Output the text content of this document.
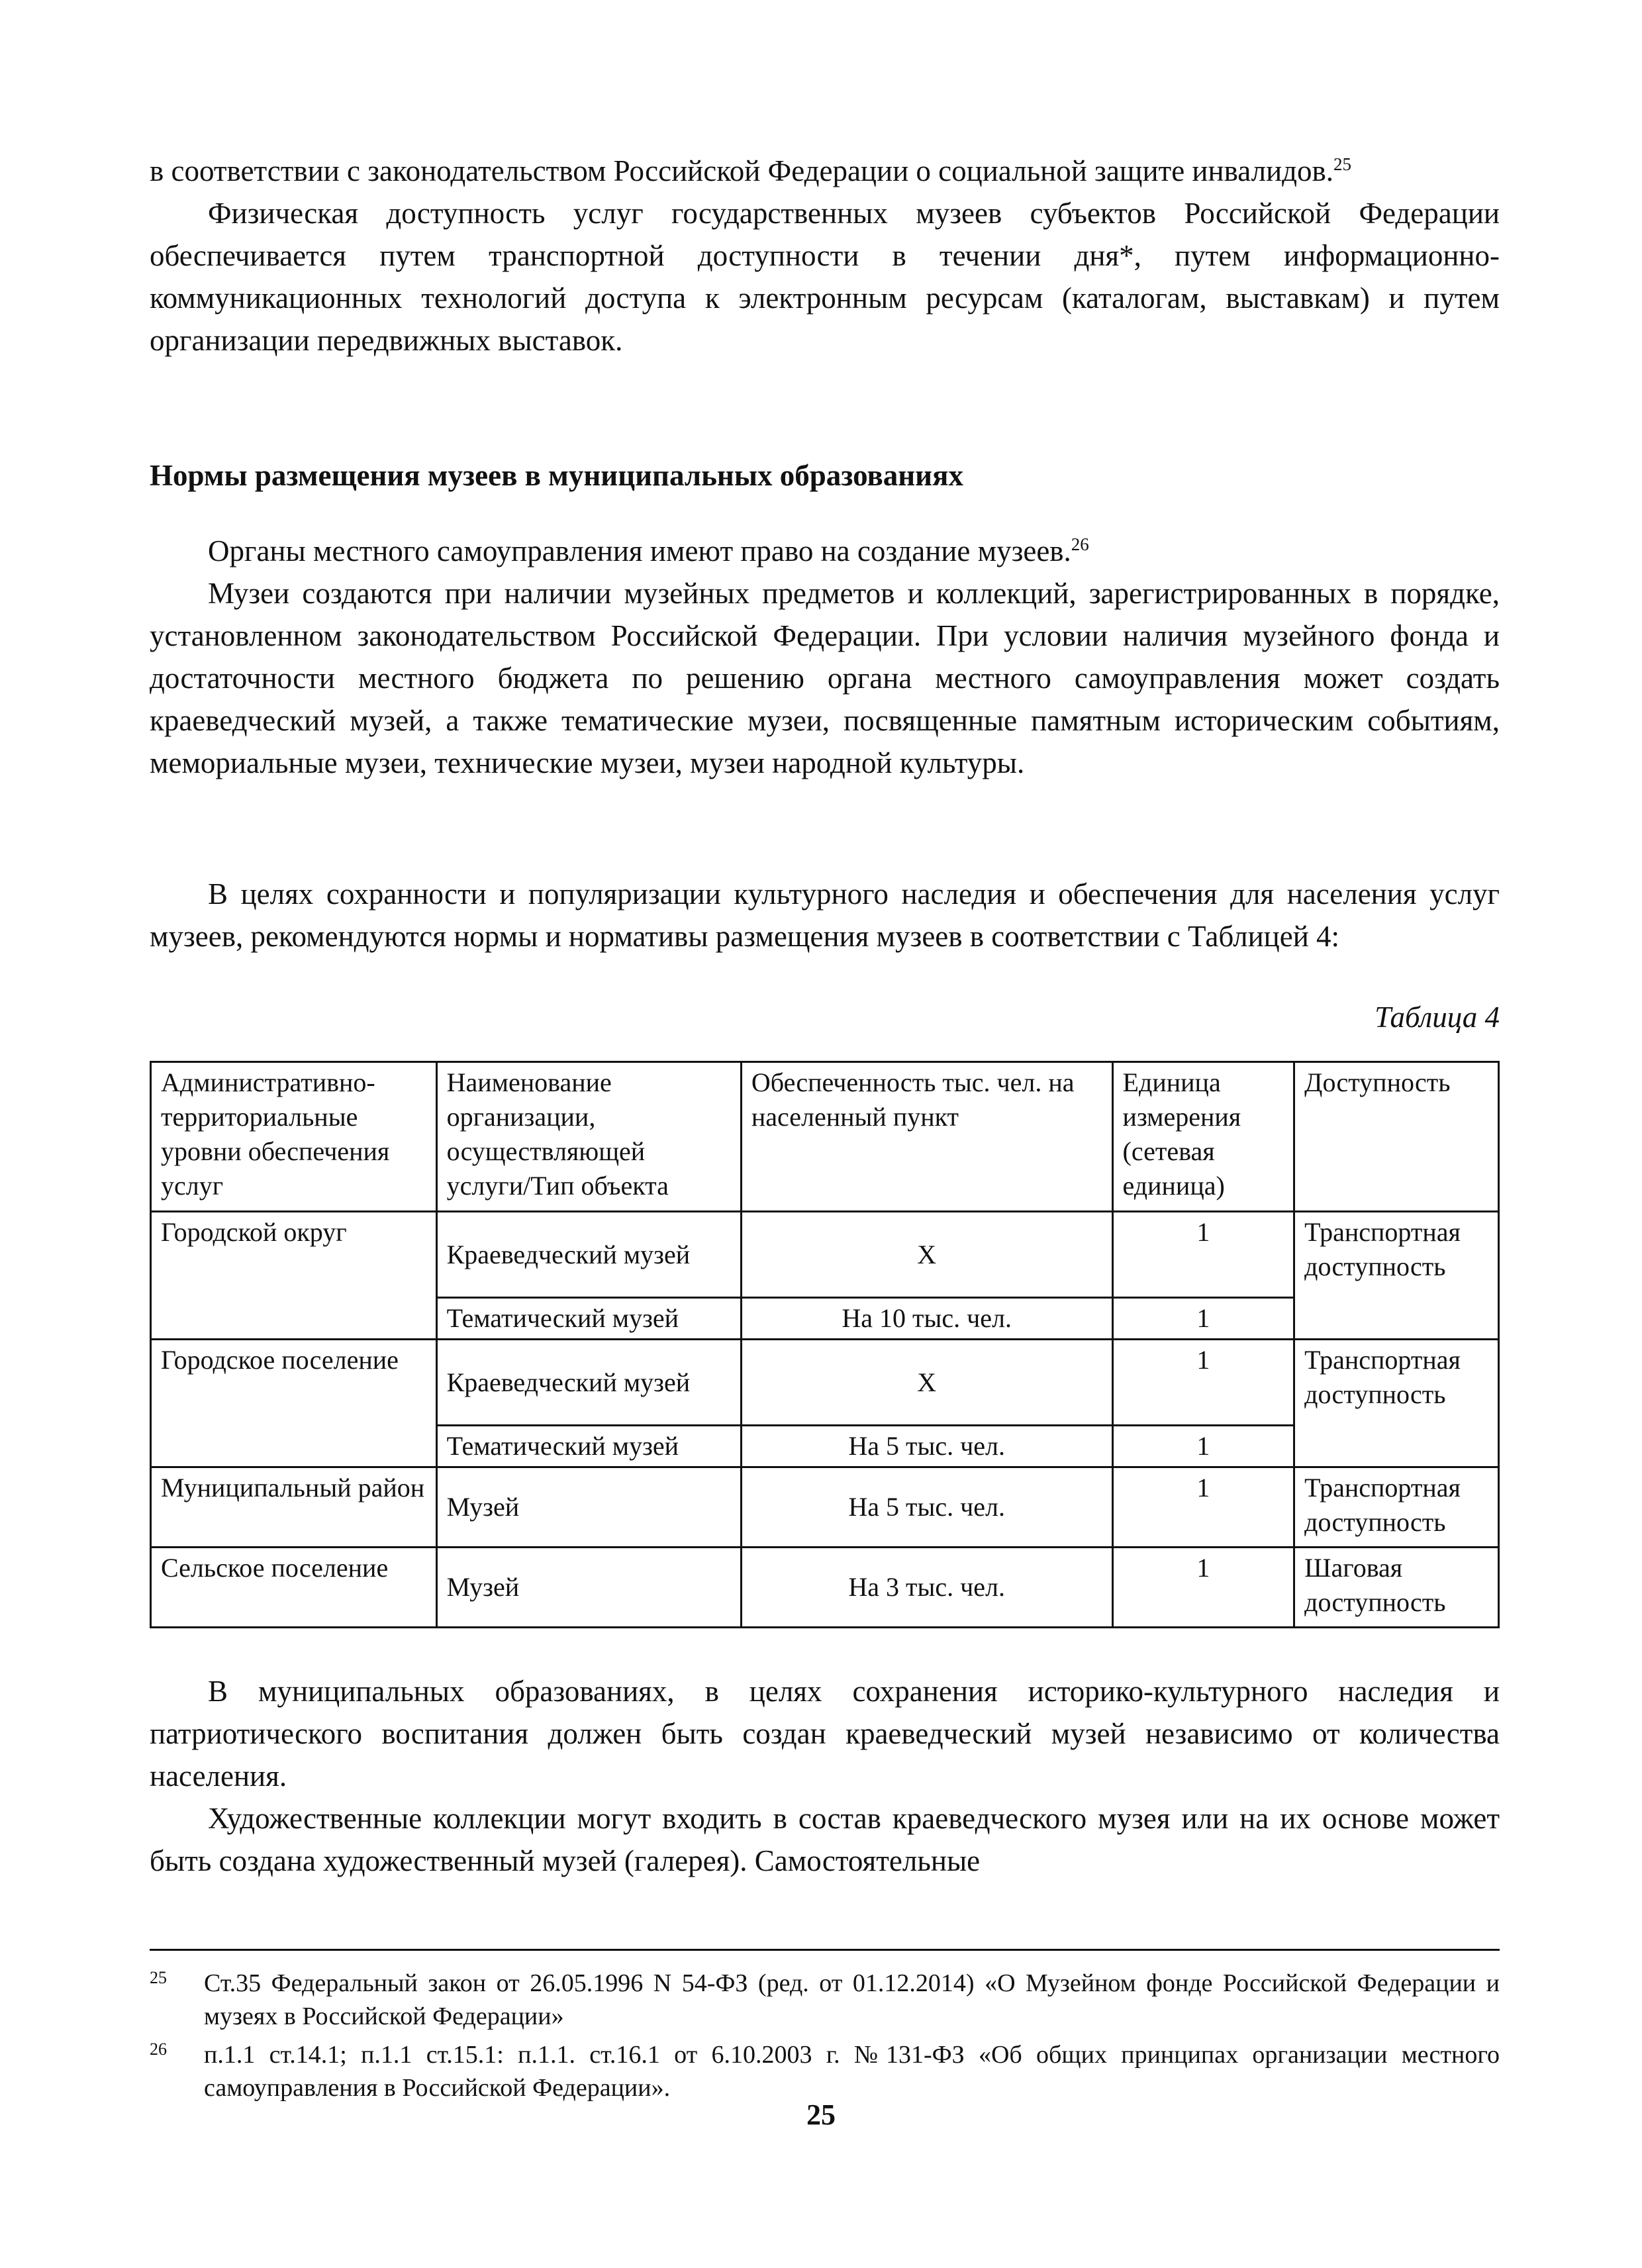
в соответствии с законодательством Российской Федерации о социальной защите инвалидов.$^{25}$

Физическая доступность услуг государственных музеев субъектов Российской Федерации обеспечивается путем транспортной доступности в течении дня*, путем информационно-коммуникационных технологий доступа к электронным ресурсам (каталогам, выставкам) и путем организации передвижных выставок.

Нормы размещения музеев в муниципальных образованиях

Органы местного самоуправления имеют право на создание музеев.$^{26}$

Музеи создаются при наличии музейных предметов и коллекций, зарегистрированных в порядке, установленном законодательством Российской Федерации. При условии наличия музейного фонда и достаточности местного бюджета по решению органа местного самоуправления может создать краеведческий музей, а также тематические музеи, посвященные памятным историческим событиям, мемориальные музеи, технические музеи, музеи народной культуры.

В целях сохранности и популяризации культурного наследия и обеспечения для населения услуг музеев, рекомендуются нормы и нормативы размещения музеев в соответствии с Таблицей 4:

Таблица 4
Административно-территориальные уровни обеспечения услуг	Наименование организации, осуществляющей услуги/Тип объекта	Обеспеченность тыс. чел. на населенный пункт	Единица измерения (сетевая единица)	Доступность
Городской округ	Краеведческий музей	Х	1	Транспортная доступность
	Тематический музей	На 10 тыс. чел.	1	
Городское поселение	Краеведческий музей	Х	1	Транспортная доступность
	Тематический музей	На 5 тыс. чел.	1	
Муниципальный район	Музей	На 5 тыс. чел.	1	Транспортная доступность
Сельское поселение	Музей	На 3 тыс. чел.	1	Шаговая доступность

В муниципальных образованиях, в целях сохранения историко-культурного наследия и патриотического воспитания должен быть создан краеведческий музей независимо от количества населения.

Художественные коллекции могут входить в состав краеведческого музея или на их основе может быть создана художественный музей (галерея). Самостоятельные

25 Ст.35 Федеральный закон от 26.05.1996 N 54-ФЗ (ред. от 01.12.2014) «О Музейном фонде Российской Федерации и музеях в Российской Федерации»
26 п.1.1 ст.14.1; п.1.1 ст.15.1: п.1.1. ст.16.1 от 6.10.2003 г. №131-ФЗ «Об общих принципах организации местного самоуправления в Российской Федерации».
25
